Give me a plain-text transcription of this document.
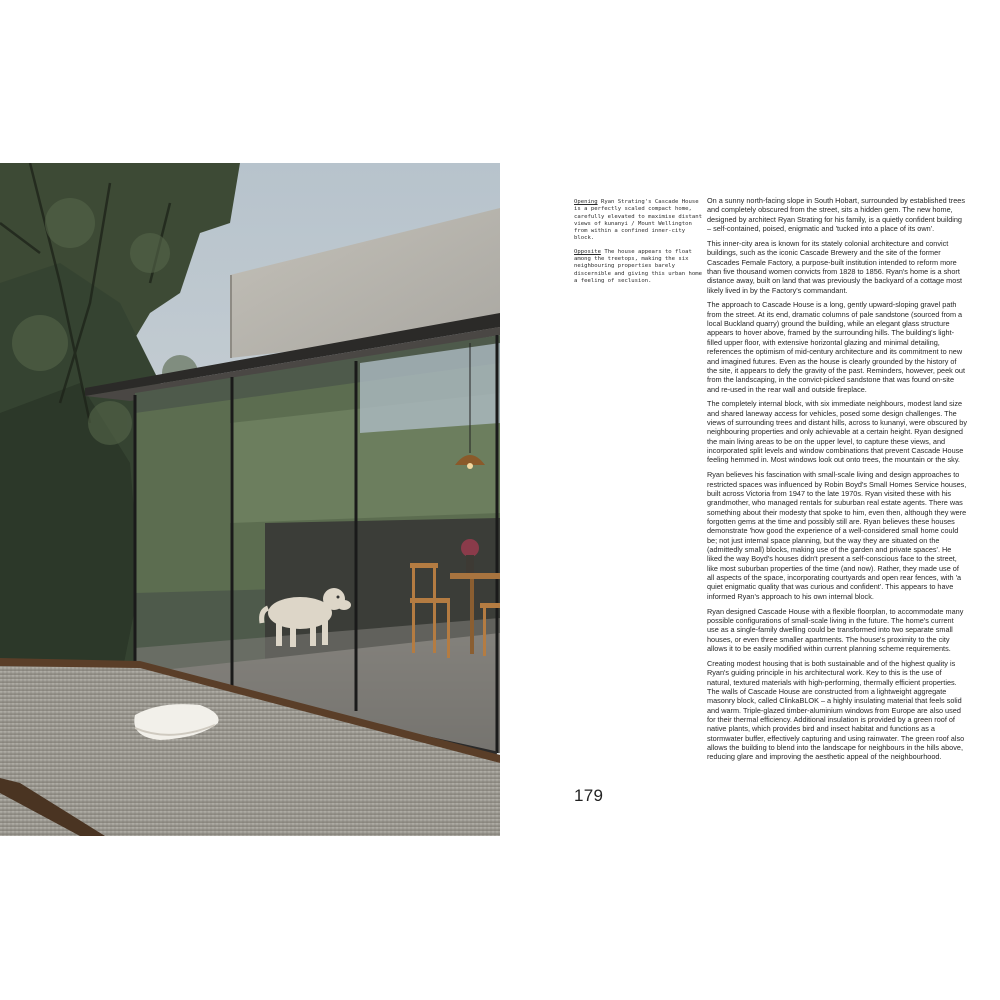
Opening Ryan Strating's Cascade House is a perfectly scaled compact home, carefully elevated to maximise distant views of kunanyi / Mount Wellington from within a confined inner-city block.

Opposite The house appears to float among the treetops, making the six neighbouring properties barely discernible and giving this urban home a feeling of seclusion.

179

On a sunny north-facing slope in South Hobart, surrounded by established trees and completely obscured from the street, sits a hidden gem. The new home, designed by architect Ryan Strating for his family, is a quietly confident building – self-contained, poised, enigmatic and 'tucked into a place of its own'.

This inner-city area is known for its stately colonial architecture and convict buildings, such as the iconic Cascade Brewery and the site of the former Cascades Female Factory, a purpose-built institution intended to reform more than five thousand women convicts from 1828 to 1856. Ryan's home is a short distance away, built on land that was previously the backyard of a cottage most likely lived in by the Factory's commandant.

The approach to Cascade House is a long, gently upward-sloping gravel path from the street. At its end, dramatic columns of pale sandstone (sourced from a local Buckland quarry) ground the building, while an elegant glass structure appears to hover above, framed by the surrounding hills. The building's light-filled upper floor, with extensive horizontal glazing and minimal detailing, references the optimism of mid-century architecture and its commitment to new and imagined futures. Even as the house is clearly grounded by the history of the site, it appears to defy the gravity of the past. Reminders, however, peek out from the landscaping, in the convict-picked sandstone that was found on-site and re-used in the rear wall and outside fireplace.

The completely internal block, with six immediate neighbours, modest land size and shared laneway access for vehicles, posed some design challenges. The views of surrounding trees and distant hills, across to kunanyi, were obscured by neighbouring properties and only achievable at a certain height. Ryan designed the main living areas to be on the upper level, to capture these views, and incorporated split levels and window combinations that prevent Cascade House feeling hemmed in. Most windows look out onto trees, the mountain or the sky.

Ryan believes his fascination with small-scale living and design approaches to restricted spaces was influenced by Robin Boyd's Small Homes Service houses, built across Victoria from 1947 to the late 1970s. Ryan visited these with his grandmother, who managed rentals for suburban real estate agents. There was something about their modesty that spoke to him, even then, although they were forgotten gems at the time and possibly still are. Ryan believes these houses demonstrate 'how good the experience of a well-considered small home could be; not just internal space planning, but the way they are situated on the (admittedly small) blocks, making use of the garden and private spaces'. He liked the way Boyd's houses didn't present a self-conscious face to the street, like most suburban properties of the time (and now). Rather, they made use of all aspects of the space, incorporating courtyards and open rear fences, with 'a quiet enigmatic quality that was curious and confident'. This appears to have informed Ryan's approach to his own internal block.

Ryan designed Cascade House with a flexible floorplan, to accommodate many possible configurations of small-scale living in the future. The home's current use as a single-family dwelling could be transformed into two separate small houses, or even three smaller apartments. The house's proximity to the city allows it to be easily modified within current planning scheme requirements.

Creating modest housing that is both sustainable and of the highest quality is Ryan's guiding principle in his architectural work. Key to this is the use of natural, textured materials with high-performing, thermally efficient properties. The walls of Cascade House are constructed from a lightweight aggregate masonry block, called ClinkaBLOK – a highly insulating material that feels solid and warm. Triple-glazed timber-aluminium windows from Europe are also used for their thermal efficiency. Additional insulation is provided by a green roof of native plants, which provides bird and insect habitat and functions as a stormwater buffer, effectively capturing and using rainwater. The green roof also allows the building to blend into the landscape for neighbours in the hills above, reducing glare and improving the aesthetic appeal of the neighbourhood.
